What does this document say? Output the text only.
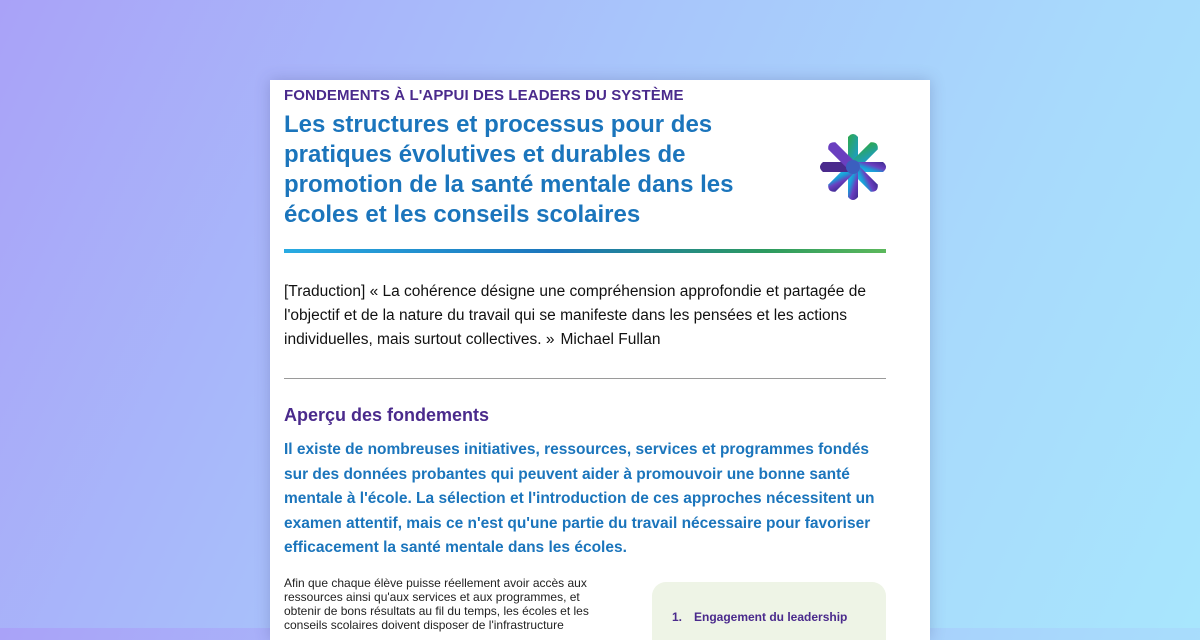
FONDEMENTS À L'APPUI DES LEADERS DU SYSTÈME

Les structures et processus pour des pratiques évolutives et durables de promotion de la santé mentale dans les écoles et les conseils scolaires

[Traduction] « La cohérence désigne une compréhension approfondie et partagée de l'objectif et de la nature du travail qui se manifeste dans les pensées et les actions individuelles, mais surtout collectives. » Michael Fullan

Aperçu des fondements

Il existe de nombreuses initiatives, ressources, services et programmes fondés sur des données probantes qui peuvent aider à promouvoir une bonne santé mentale à l'école. La sélection et l'introduction de ces approches nécessitent un examen attentif, mais ce n'est qu'une partie du travail nécessaire pour favoriser efficacement la santé mentale dans les écoles.

Afin que chaque élève puisse réellement avoir accès aux ressources ainsi qu'aux services et aux programmes, et obtenir de bons résultats au fil du temps, les écoles et les conseils scolaires doivent disposer de l'infrastructure

1. Engagement du leadership
